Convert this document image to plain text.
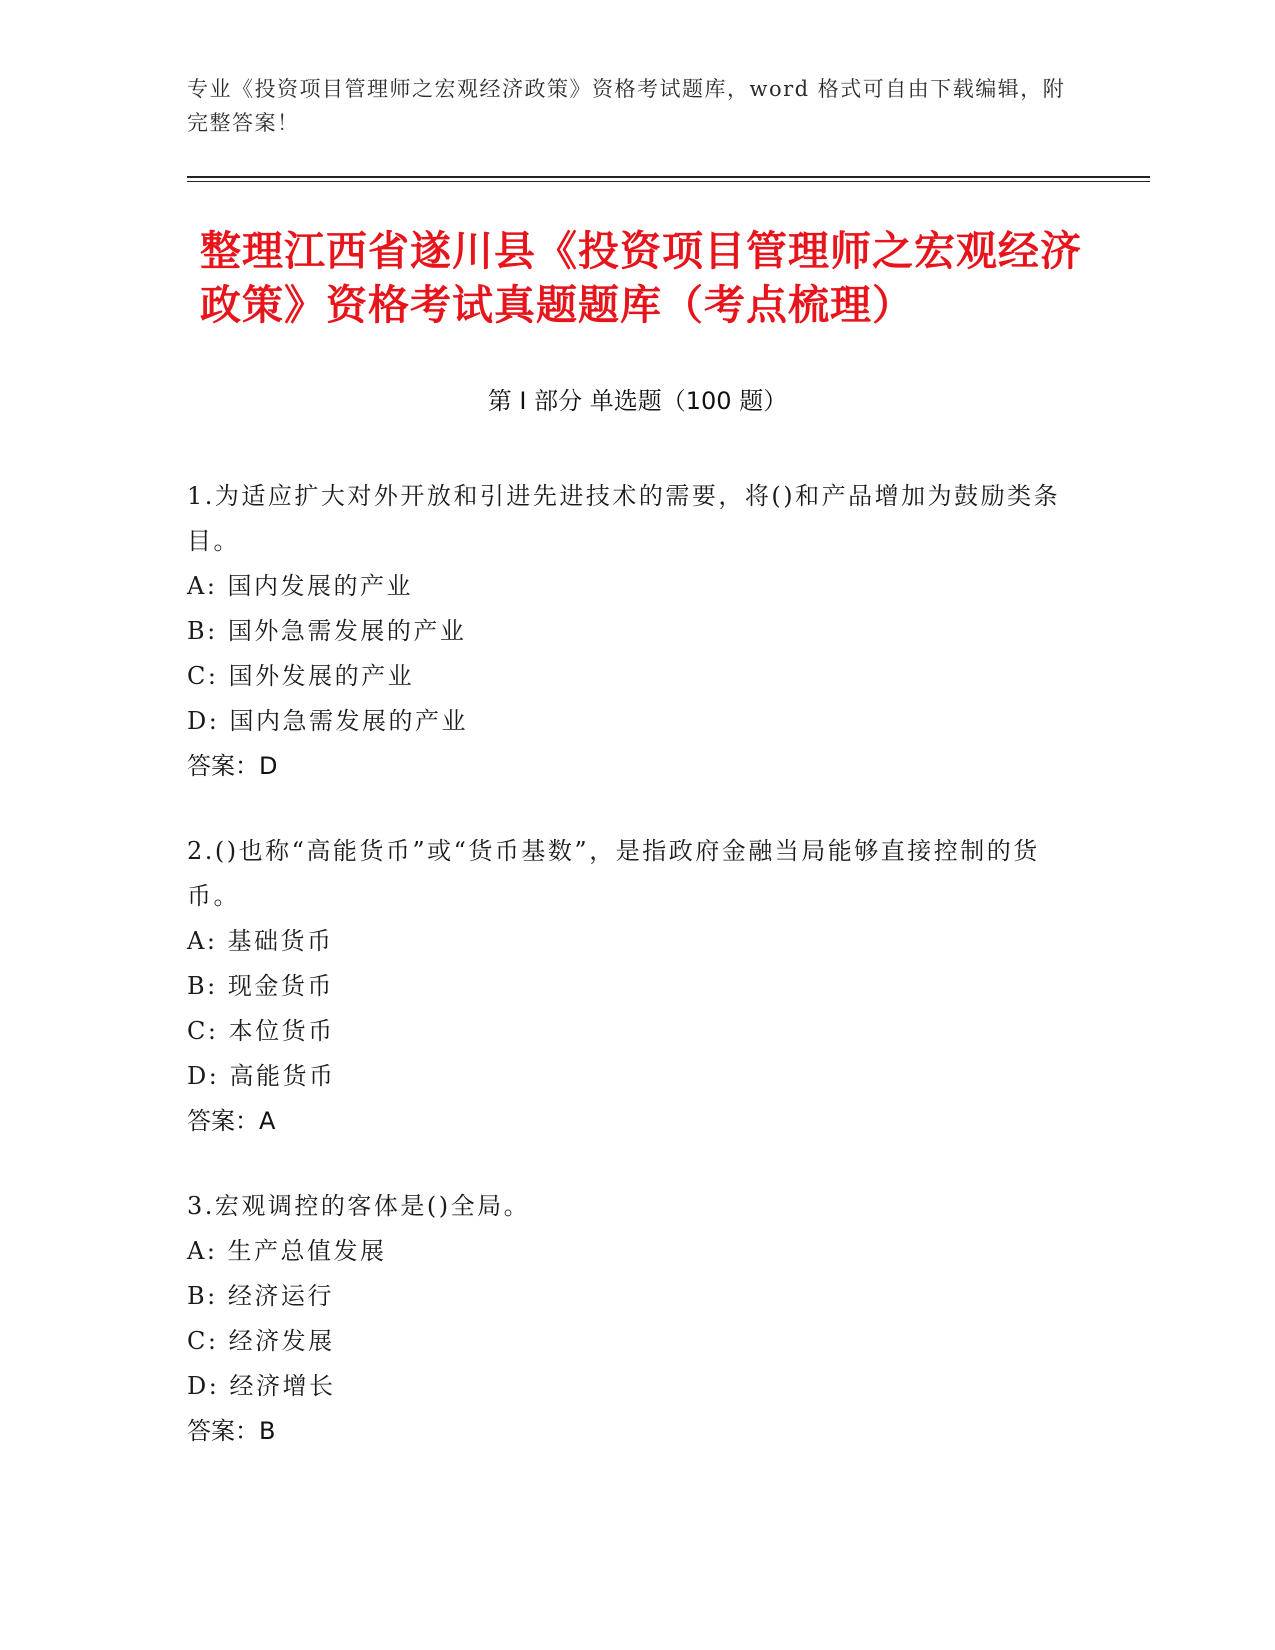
专业《投资项目管理师之宏观经济政策》资格考试题库，word 格式可自由下载编辑，附完整答案！
整理江西省遂川县《投资项目管理师之宏观经济政策》资格考试真题题库（考点梳理）
第 I 部分 单选题（100 题）
1.为适应扩大对外开放和引进先进技术的需要，将()和产品增加为鼓励类条目。
A: 国内发展的产业
B: 国外急需发展的产业
C: 国外发展的产业
D: 国内急需发展的产业
答案：D
2.()也称“高能货币”或“货币基数”，是指政府金融当局能够直接控制的货币。
A: 基础货币
B: 现金货币
C: 本位货币
D: 高能货币
答案：A
3.宏观调控的客体是()全局。
A: 生产总值发展
B: 经济运行
C: 经济发展
D: 经济增长
答案：B
